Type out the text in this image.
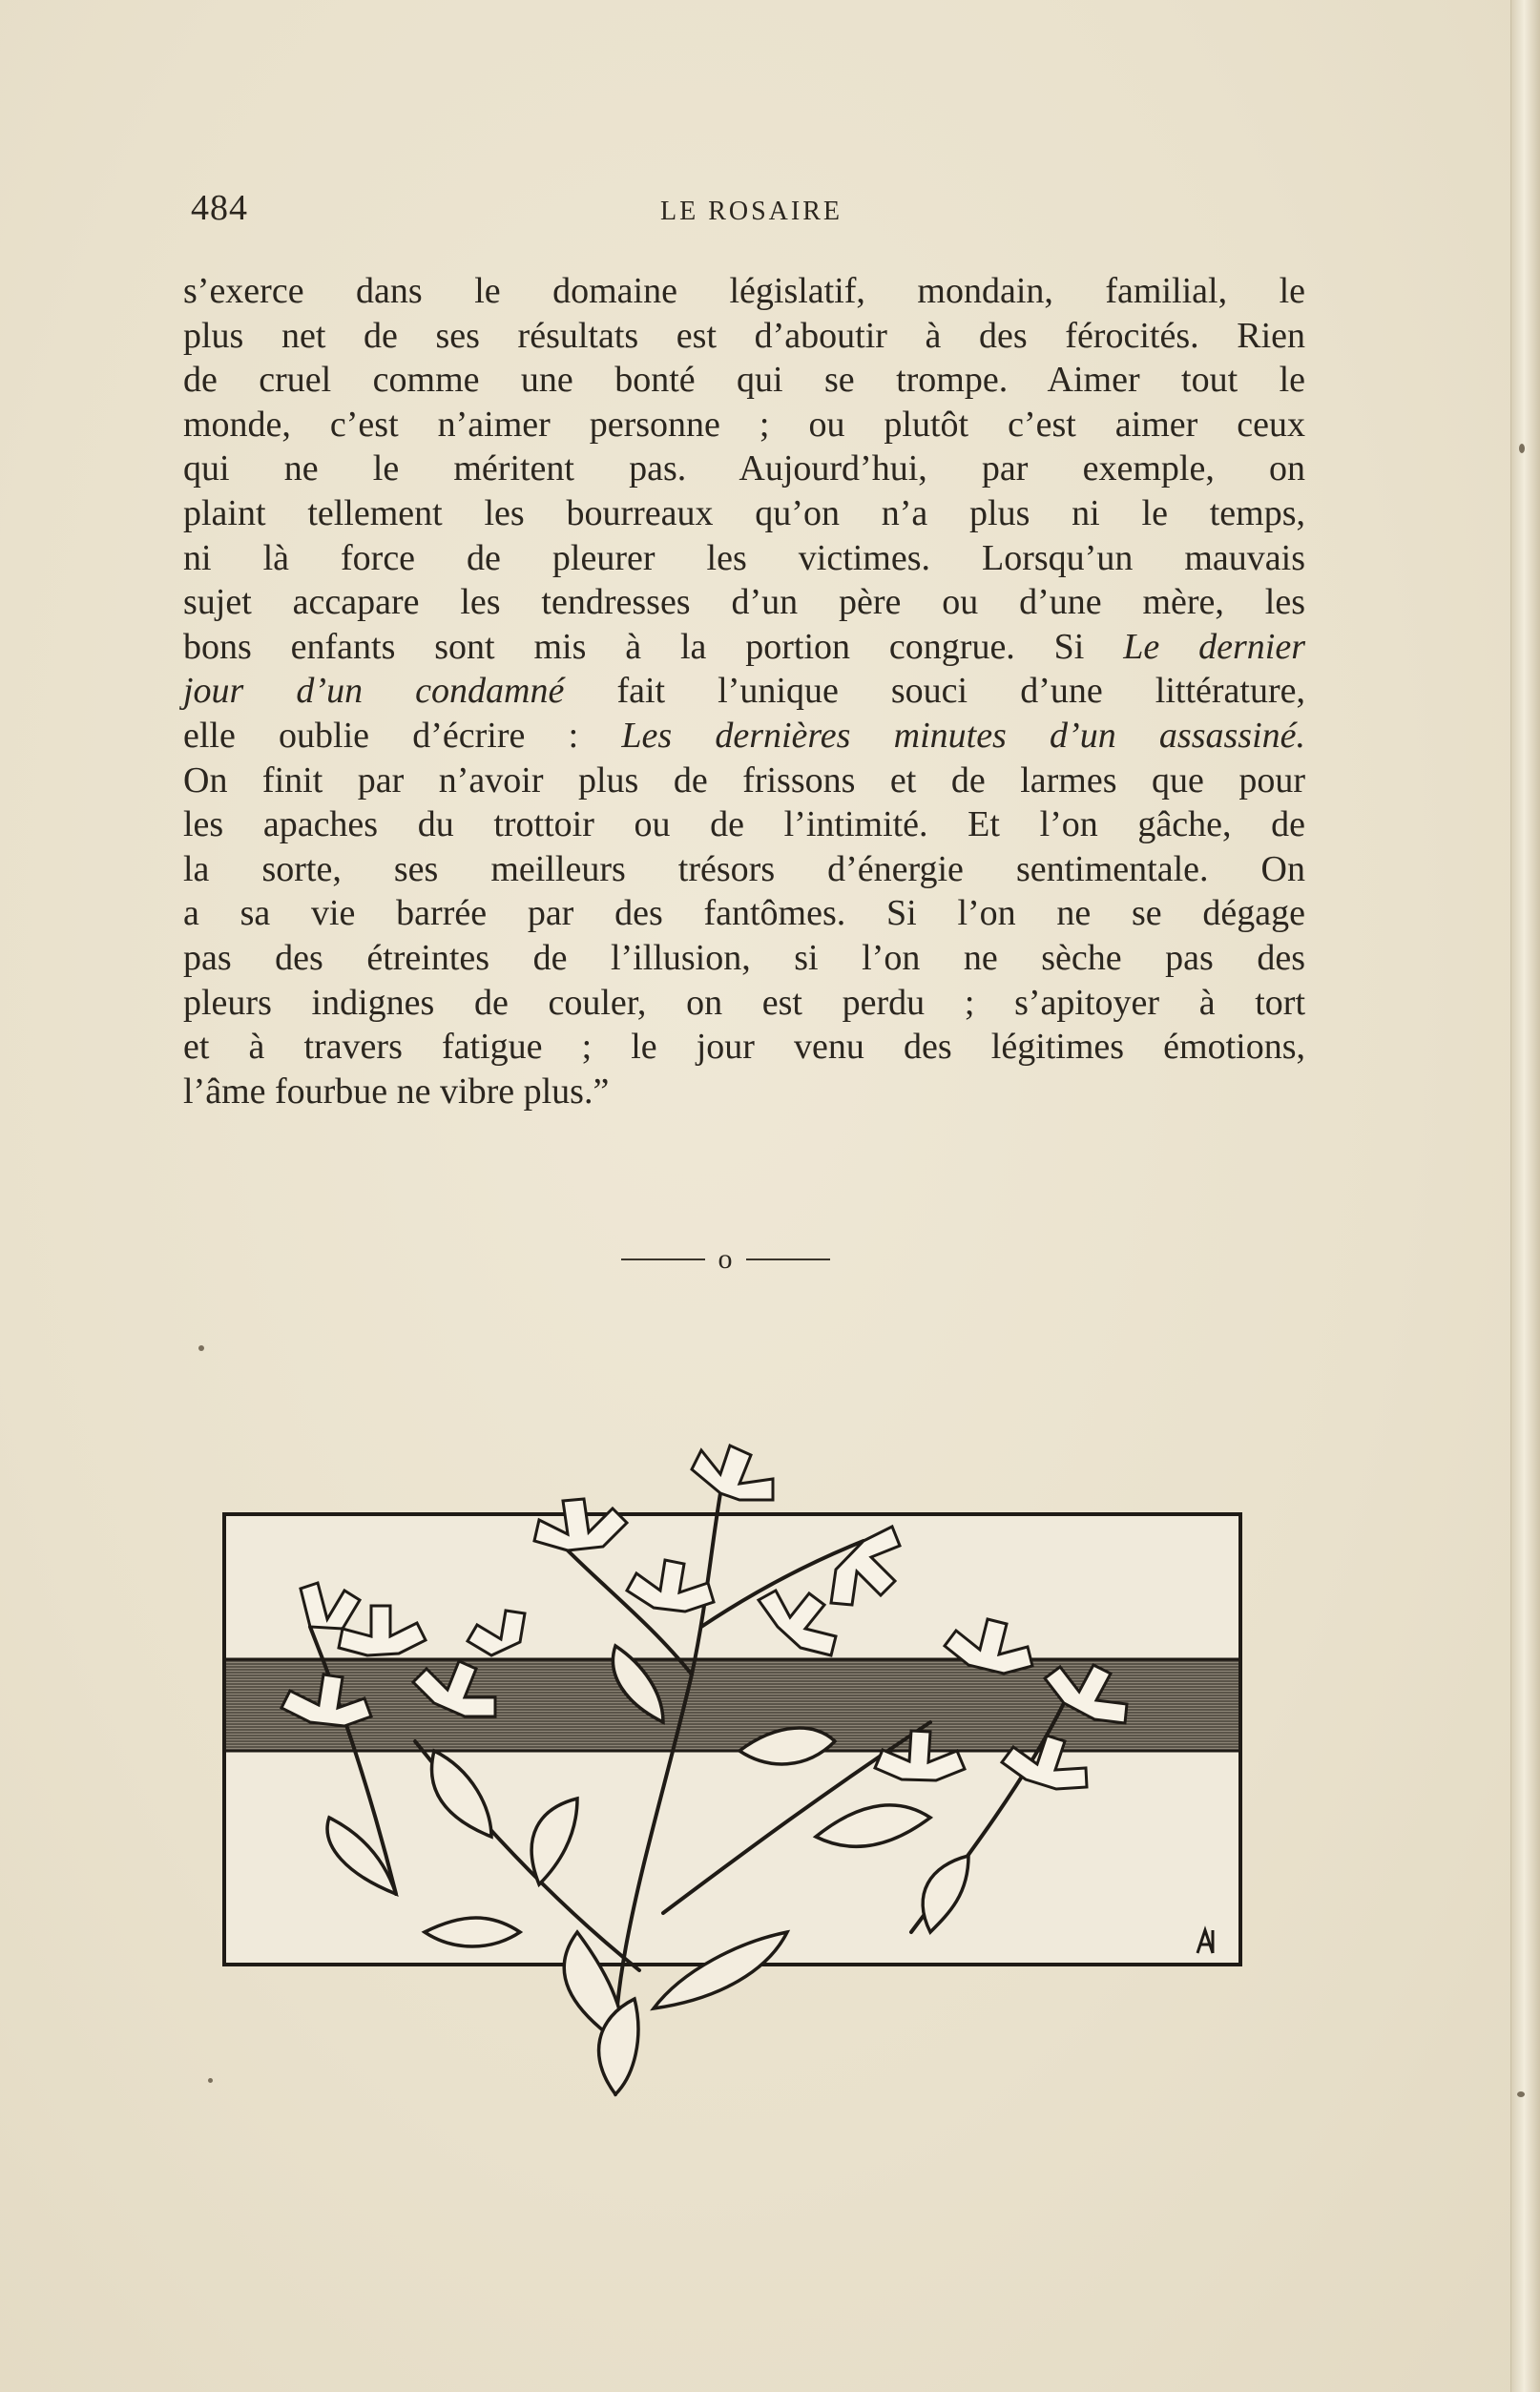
484	LE ROSAIRE
s’exerce dans le domaine législatif, mondain, familial, le
plus net de ses résultats est d’aboutir à des férocités. Rien
de cruel comme une bonté qui se trompe. Aimer tout le
monde, c’est n’aimer personne ; ou plutôt c’est aimer ceux
qui ne le méritent pas. Aujourd’hui, par exemple, on
plaint tellement les bourreaux qu’on n’a plus ni le temps,
ni là force de pleurer les victimes. Lorsqu’un mauvais
sujet accapare les tendresses d’un père ou d’une mère, les
bons enfants sont mis à la portion congrue. Si Le dernier
jour d’un condamné fait l’unique souci d’une littérature,
elle oublie d’écrire : Les dernières minutes d’un assassiné.
On finit par n’avoir plus de frissons et de larmes que pour
les apaches du trottoir ou de l’intimité. Et l’on gâche, de
la sorte, ses meilleurs trésors d’énergie sentimentale. On
a sa vie barrée par des fantômes. Si l’on ne se dégage
pas des étreintes de l’illusion, si l’on ne sèche pas des
pleurs indignes de couler, on est perdu ; s’apitoyer à tort
et à travers fatigue ; le jour venu des légitimes émotions,
l’âme fourbue ne vibre plus.”
o
